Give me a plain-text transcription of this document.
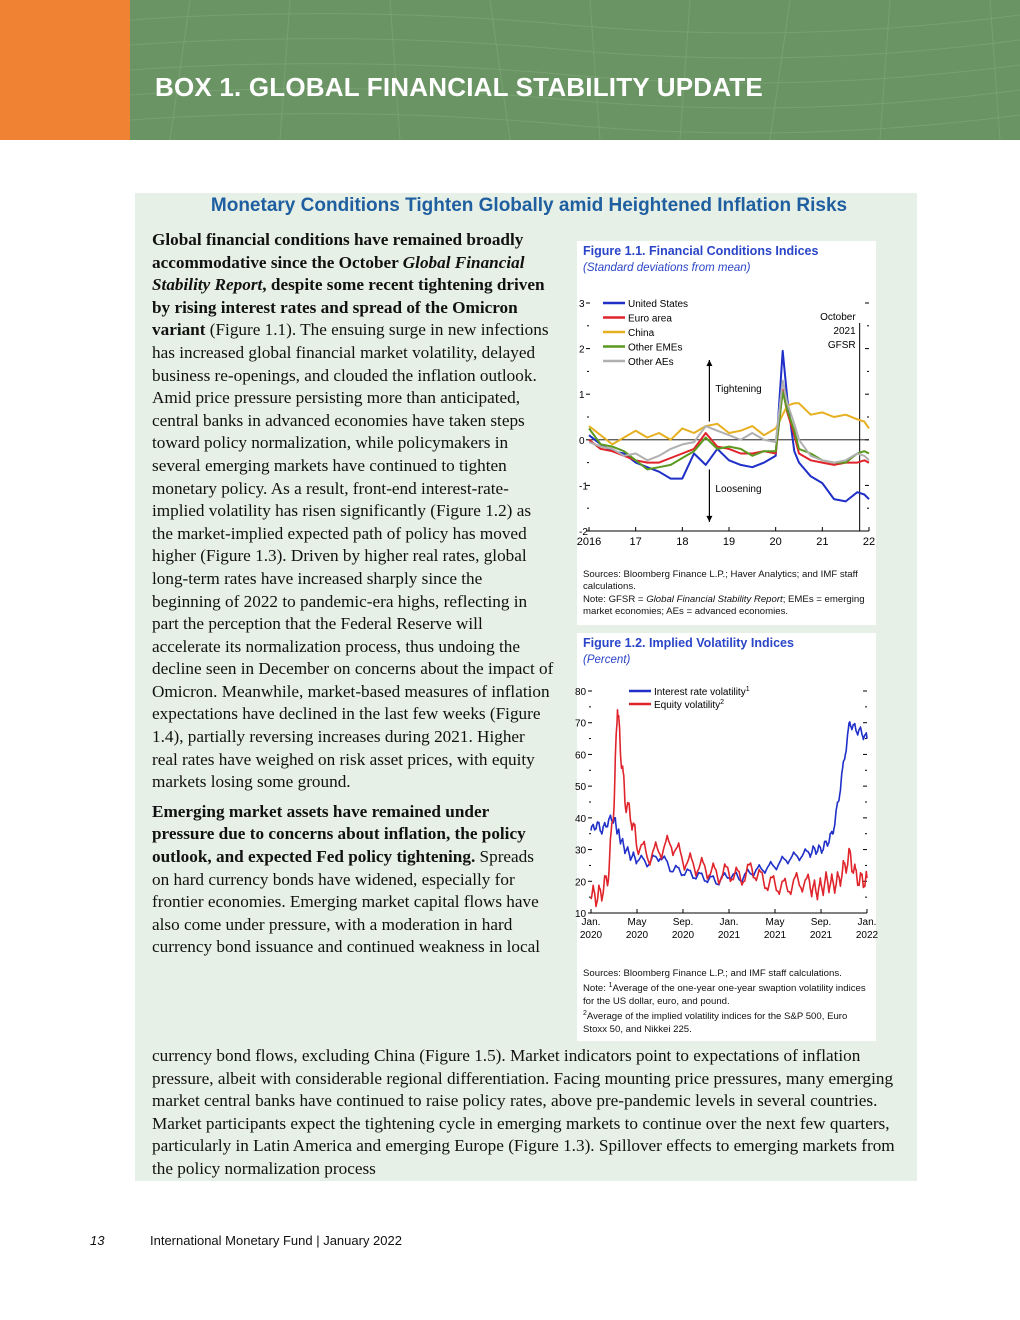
BOX 1. GLOBAL FINANCIAL STABILITY UPDATE
Monetary Conditions Tighten Globally amid Heightened Inflation Risks

Global financial conditions have remained broadly accommodative since the October Global Financial Stability Report, despite some recent tightening driven by rising interest rates and spread of the Omicron variant (Figure 1.1). The ensuing surge in new infections has increased global financial market volatility, delayed business re-openings, and clouded the inflation outlook. Amid price pressure persisting more than anticipated, central banks in advanced economies have taken steps toward policy normalization, while policymakers in several emerging markets have continued to tighten monetary policy. As a result, front-end interest-rate-implied volatility has risen significantly (Figure 1.2) as the market-implied expected path of policy has moved higher (Figure 1.3). Driven by higher real rates, global long-term rates have increased sharply since the beginning of 2022 to pandemic-era highs, reflecting in part the perception that the Federal Reserve will accelerate its normalization process, thus undoing the decline seen in December on concerns about the impact of Omicron. Meanwhile, market-based measures of inflation expectations have declined in the last few weeks (Figure 1.4), partially reversing increases during 2021. Higher real rates have weighed on risk asset prices, with equity markets losing some ground.

Emerging market assets have remained under pressure due to concerns about inflation, the policy outlook, and expected Fed policy tightening. Spreads on hard currency bonds have widened, especially for frontier economies. Emerging market capital flows have also come under pressure, with a moderation in hard currency bond issuance and continued weakness in local

currency bond flows, excluding China (Figure 1.5). Market indicators point to expectations of inflation pressure, albeit with considerable regional differentiation. Facing mounting price pressures, many emerging market central banks have continued to raise policy rates, above pre-pandemic levels in several countries. Market participants expect the tightening cycle in emerging markets to continue over the next few quarters, particularly in Latin America and emerging Europe (Figure 1.3). Spillover effects to emerging markets from the policy normalization process

Figure 1.1. Financial Conditions Indices
(Standard deviations from mean)
-2
-1
0
1
2
3
2016	17	18	19	20	21	22
United States
Euro area
China
Other EMEs
Other AEs
October
2021
GFSR
Tightening
Loosening
Sources: Bloomberg Finance L.P.; Haver Analytics; and IMF staff calculations.
Note: GFSR = Global Financial Stability Report; EMEs = emerging market economies; AEs = advanced economies.
Figure 1.2. Implied Volatility Indices
(Percent)
10
20
30
40
50
60
70
80
Jan.
2020
May
2020
Sep.
2020
Jan.
2021
May
2021
Sep.
2021
Jan.
2022
Interest rate volatility$^1$
Equity volatility$^2$
Sources: Bloomberg Finance L.P.; and IMF staff calculations.
Note: $^1$Average of the one-year one-year swaption volatility indices for the US dollar, euro, and pound.
$^2$Average of the implied volatility indices for the S&P 500, Euro Stoxx 50, and Nikkei 225.
13	International Monetary Fund | January 2022
